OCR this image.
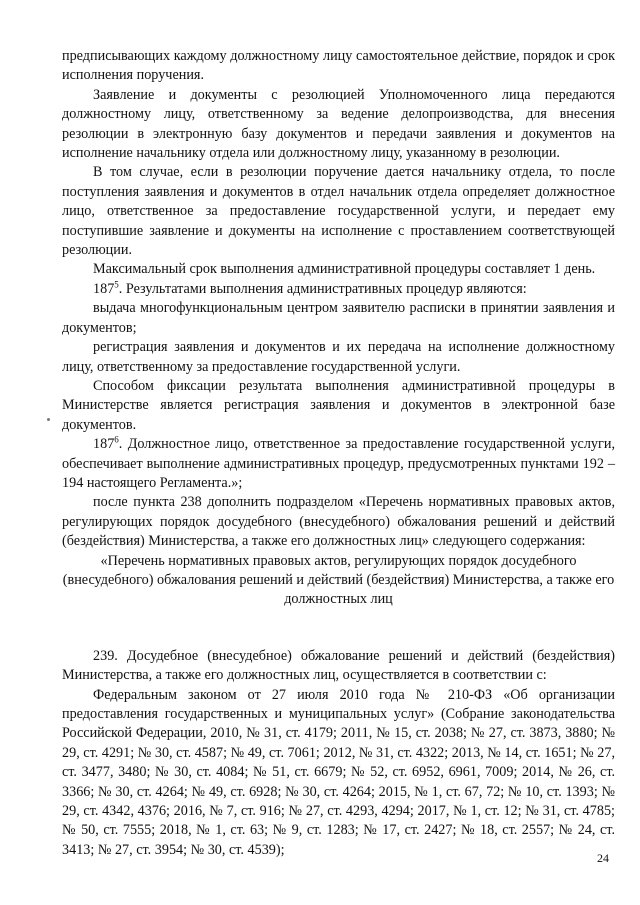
предписывающих каждому должностному лицу самостоятельное действие, порядок и срок исполнения поручения.

Заявление и документы с резолюцией Уполномоченного лица передаются должностному лицу, ответственному за ведение делопроизводства, для внесения резолюции в электронную базу документов и передачи заявления и документов на исполнение начальнику отдела или должностному лицу, указанному в резолюции.

В том случае, если в резолюции поручение дается начальнику отдела, то после поступления заявления и документов в отдел начальник отдела определяет должностное лицо, ответственное за предоставление государственной услуги, и передает ему поступившие заявление и документы на исполнение с проставлением соответствующей резолюции.

Максимальный срок выполнения административной процедуры составляет 1 день.

$187^5$. Результатами выполнения административных процедур являются:

выдача многофункциональным центром заявителю расписки в принятии заявления и документов;

регистрация заявления и документов и их передача на исполнение должностному лицу, ответственному за предоставление государственной услуги.

Способом фиксации результата выполнения административной процедуры в Министерстве является регистрация заявления и документов в электронной базе документов.

$187^6$. Должностное лицо, ответственное за предоставление государственной услуги, обеспечивает выполнение административных процедур, предусмотренных пунктами 192 – 194 настоящего Регламента.»;

после пункта 238 дополнить подразделом «Перечень нормативных правовых актов, регулирующих порядок досудебного (внесудебного) обжалования решений и действий (бездействия) Министерства, а также его должностных лиц» следующего содержания:

«Перечень нормативных правовых актов, регулирующих порядок досудебного (внесудебного) обжалования решений и действий (бездействия) Министерства, а также его должностных лиц

239. Досудебное (внесудебное) обжалование решений и действий (бездействия) Министерства, а также его должностных лиц, осуществляется в соответствии с:

Федеральным законом от 27 июля 2010 года № 210-ФЗ «Об организации предоставления государственных и муниципальных услуг» (Собрание законодательства Российской Федерации, 2010, № 31, ст. 4179; 2011, № 15, ст. 2038; № 27, ст. 3873, 3880; № 29, ст. 4291; № 30, ст. 4587; № 49, ст. 7061; 2012, № 31, ст. 4322; 2013, № 14, ст. 1651; № 27, ст. 3477, 3480; № 30, ст. 4084; № 51, ст. 6679; № 52, ст. 6952, 6961, 7009; 2014, № 26, ст. 3366; № 30, ст. 4264; № 49, ст. 6928; № 30, ст. 4264; 2015, № 1, ст. 67, 72; № 10, ст. 1393; № 29, ст. 4342, 4376; 2016, № 7, ст. 916; № 27, ст. 4293, 4294; 2017, № 1, ст. 12; № 31, ст. 4785; № 50, ст. 7555; 2018, № 1, ст. 63; № 9, ст. 1283; № 17, ст. 2427; № 18, ст. 2557; № 24, ст. 3413; № 27, ст. 3954; № 30, ст. 4539);

24
